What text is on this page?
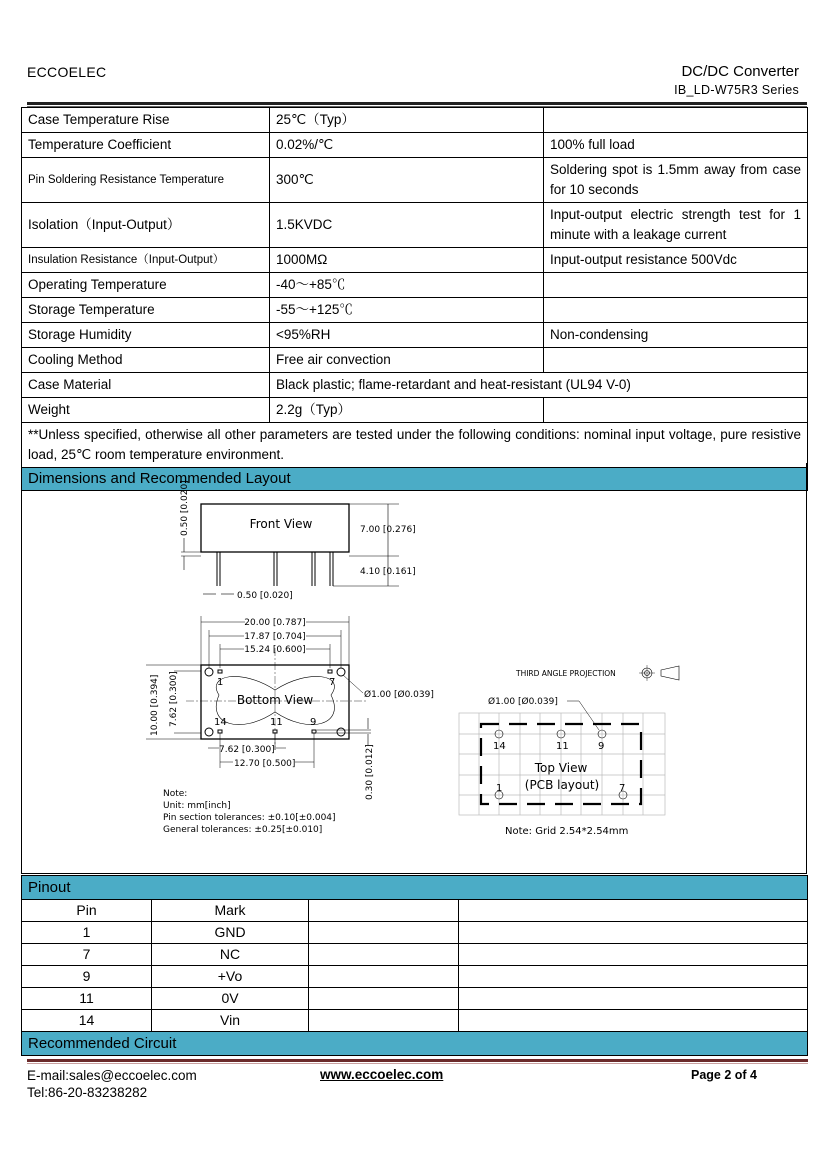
ECCOELEC	DC/DC Converter
IB_LD-W75R3 Series
Case Temperature Rise	25℃（Typ）	
Temperature Coefficient	0.02%/℃	100% full load
Pin Soldering Resistance Temperature	300℃	Soldering spot is 1.5mm away from case for 10 seconds
Isolation（Input-Output）	1.5KVDC	Input-output electric strength test for 1 minute with a leakage current
Insulation Resistance（Input-Output）	1000MΩ	Input-output resistance 500Vdc
Operating Temperature	-40～+85℃	
Storage Temperature	-55～+125℃	
Storage Humidity	<95%RH	Non-condensing
Cooling Method	Free air convection	
Case Material	Black plastic; flame-retardant and heat-resistant (UL94 V-0)	
Weight	2.2g（Typ）	
**Unless specified, otherwise all other parameters are tested under the following conditions: nominal input voltage, pure resistive load, 25℃ room temperature environment.		
Dimensions and Recommended Layout		
Front View	7.00 [0.276]
4.10 [0.161]
0.50 [0.020]
0.50 [0.020]
20.00 [0.787]
17.87 [0.704]
15.24 [0.600]
10.00 [0.394] 7.62 [0.300]	Bottom View	Ø1.00 [Ø0.039]
1	7
14	11	9
7.62 [0.300]
12.70 [0.500]	0.30 [0.012]
Note:
Unit: mm[inch]
Pin section tolerances: ±0.10[±0.004]
General tolerances: ±0.25[±0.010]
THIRD ANGLE PROJECTION
Ø1.00 [Ø0.039]
14	11	9
1	7
Top View
(PCB layout)
Note: Grid 2.54*2.54mm
Pinout			
Pin	Mark		
1	GND		
7	NC		
9	+Vo		
11	0V		
14	Vin		
Recommended Circuit			
E-mail:sales@eccoelec.com
Tel:86-20-83238282
www.eccoelec.com	Page 2 of 4
